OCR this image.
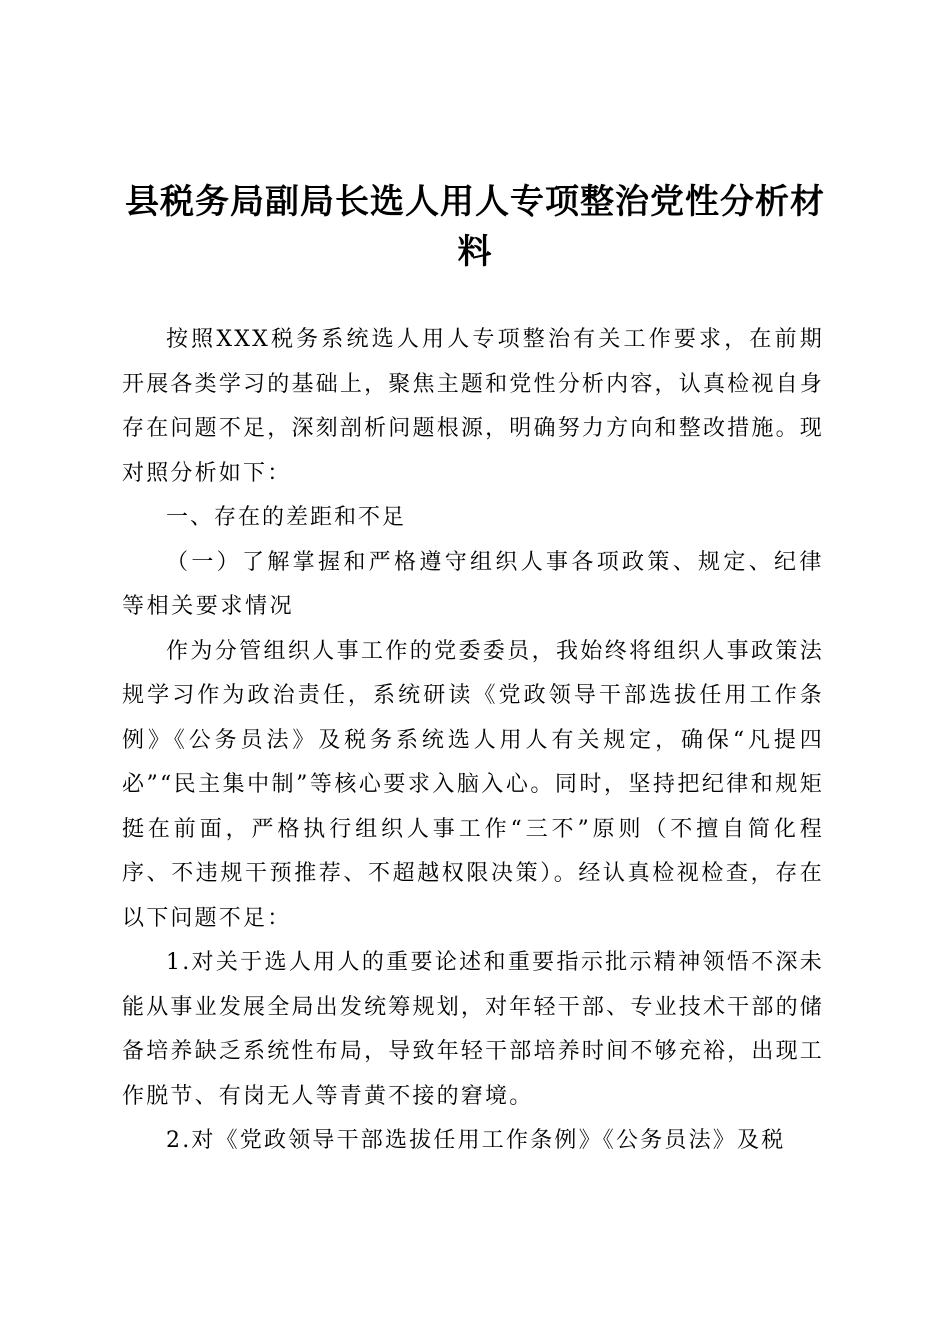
县税务局副局长选人用人专项整治党性分析材料

按照XXX税务系统选人用人专项整治有关工作要求，在前期开展各类学习的基础上，聚焦主题和党性分析内容，认真检视自身存在问题不足，深刻剖析问题根源，明确努力方向和整改措施。现对照分析如下：

一、存在的差距和不足

（一）了解掌握和严格遵守组织人事各项政策、规定、纪律等相关要求情况

作为分管组织人事工作的党委委员，我始终将组织人事政策法规学习作为政治责任，系统研读《党政领导干部选拔任用工作条例》《公务员法》及税务系统选人用人有关规定，确保“凡提四必”“民主集中制”等核心要求入脑入心。同时，坚持把纪律和规矩挺在前面，严格执行组织人事工作“三不”原则（不擅自简化程序、不违规干预推荐、不超越权限决策）。经认真检视检查，存在以下问题不足：

1.对关于选人用人的重要论述和重要指示批示精神领悟不深未能从事业发展全局出发统筹规划，对年轻干部、专业技术干部的储备培养缺乏系统性布局，导致年轻干部培养时间不够充裕，出现工作脱节、有岗无人等青黄不接的窘境。

2.对《党政领导干部选拔任用工作条例》《公务员法》及税
